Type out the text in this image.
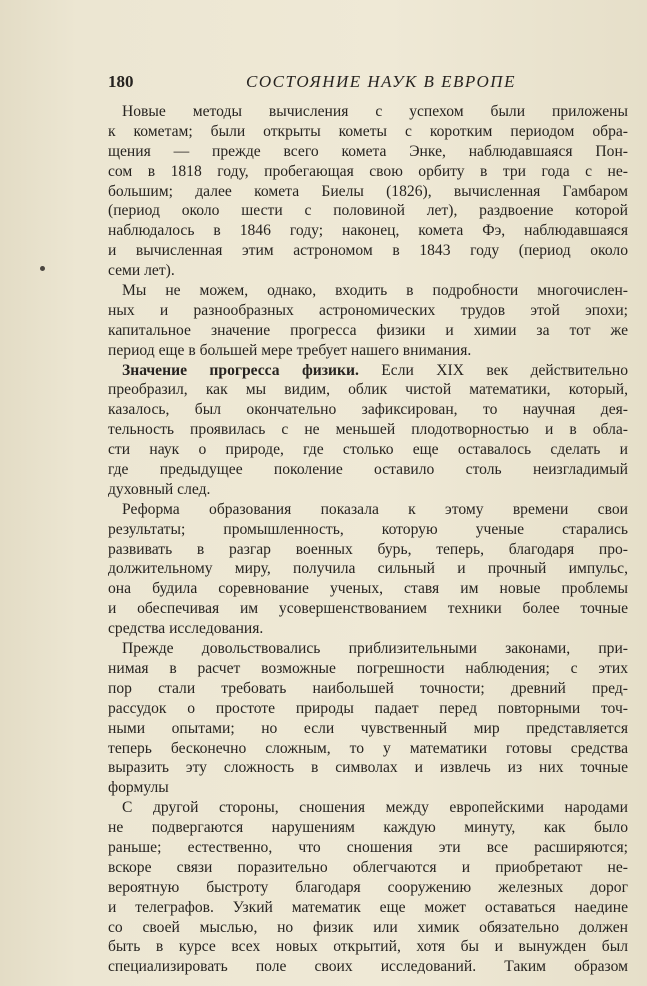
180	СОСТОЯНИЕ НАУК В ЕВРОПЕ
Новые методы вычисления с успехом были приложены
к кометам; были открыты кометы с коротким периодом обра-
щения — прежде всего комета Энке, наблюдавшаяся Пон-
сом в 1818 году, пробегающая свою орбиту в три года с не-
большим; далее комета Биелы (1826), вычисленная Гамбаром
(период около шести с половиной лет), раздвоение которой
наблюдалось в 1846 году; наконец, комета Фэ, наблюдавшаяся
и вычисленная этим астрономом в 1843 году (период около
семи лет).
Мы не можем, однако, входить в подробности многочислен-
ных и разнообразных астрономических трудов этой эпохи;
капитальное значение прогресса физики и химии за тот же
период еще в большей мере требует нашего внимания.
Значение прогресса физики. Если XIX век действительно
преобразил, как мы видим, облик чистой математики, который,
казалось, был окончательно зафиксирован, то научная дея-
тельность проявилась с не меньшей плодотворностью и в обла-
сти наук о природе, где столько еще оставалось сделать и
где предыдущее поколение оставило столь неизгладимый
духовный след.
Реформа образования показала к этому времени свои
результаты; промышленность, которую ученые старались
развивать в разгар военных бурь, теперь, благодаря про-
должительному миру, получила сильный и прочный импульс,
она будила соревнование ученых, ставя им новые проблемы
и обеспечивая им усовершенствованием техники более точные
средства исследования.
Прежде довольствовались приблизительными законами, при-
нимая в расчет возможные погрешности наблюдения; с этих
пор стали требовать наибольшей точности; древний пред-
рассудок о простоте природы падает перед повторными точ-
ными опытами; но если чувственный мир представляется
теперь бесконечно сложным, то у математики готовы средства
выразить эту сложность в символах и извлечь из них точные
формулы
С другой стороны, сношения между европейскими народами
не подвергаются нарушениям каждую минуту, как было
раньше; естественно, что сношения эти все расширяются;
вскоре связи поразительно облегчаются и приобретают не-
вероятную быстроту благодаря сооружению железных дорог
и телеграфов. Узкий математик еще может оставаться наедине
со своей мыслью, но физик или химик обязательно должен
быть в курсе всех новых открытий, хотя бы и вынужден был
специализировать поле своих исследований. Таким образом
